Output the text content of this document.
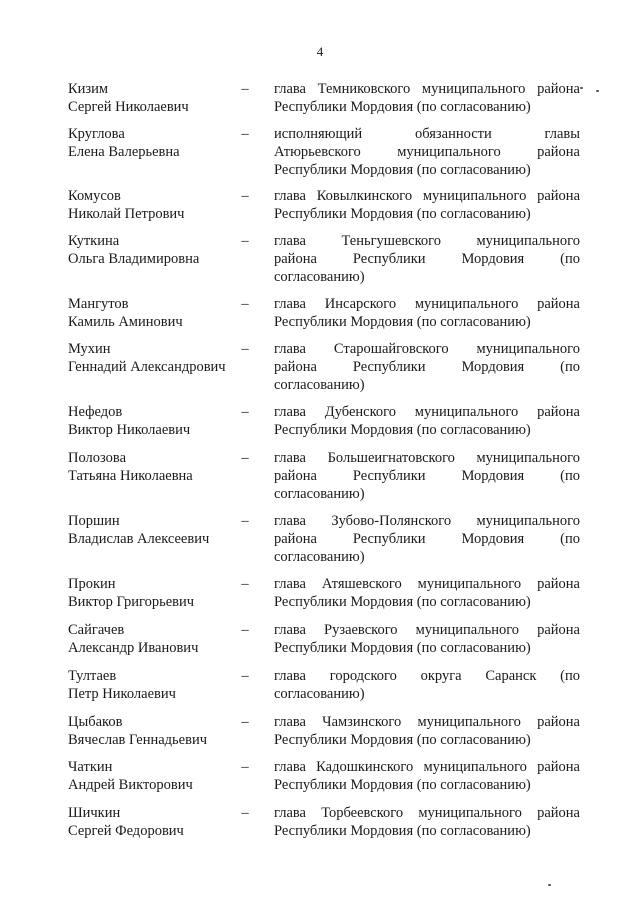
4
Кизим
Сергей Николаевич
– глава Темниковского муниципального района
Республики Мордовия (по согласованию)
Круглова
Елена Валерьевна
– исполняющий обязанности главы
Атюрьевского муниципального района
Республики Мордовия (по согласованию)
Комусов
Николай Петрович
– глава Ковылкинского муниципального района
Республики Мордовия (по согласованию)
Куткина
Ольга Владимировна
– глава Теньгушевского муниципального
района Республики Мордовия (по
согласованию)
Мангутов
Камиль Аминович
– глава Инсарского муниципального района
Республики Мордовия (по согласованию)
Мухин
Геннадий Александрович
– глава Старошайговского муниципального
района Республики Мордовия (по
согласованию)
Нефедов
Виктор Николаевич
– глава Дубенского муниципального района
Республики Мордовия (по согласованию)
Полозова
Татьяна Николаевна
– глава Большеигнатовского муниципального
района Республики Мордовия (по
согласованию)
Поршин
Владислав Алексеевич
– глава Зубово-Полянского муниципального
района Республики Мордовия (по
согласованию)
Прокин
Виктор Григорьевич
– глава Атяшевского муниципального района
Республики Мордовия (по согласованию)
Сайгачев
Александр Иванович
– глава Рузаевского муниципального района
Республики Мордовия (по согласованию)
Тултаев
Петр Николаевич
– глава городского округа Саранск (по
согласованию)
Цыбаков
Вячеслав Геннадьевич
– глава Чамзинского муниципального района
Республики Мордовия (по согласованию)
Чаткин
Андрей Викторович
– глава Кадошкинского муниципального района
Республики Мордовия (по согласованию)
Шичкин
Сергей Федорович
– глава Торбеевского муниципального района
Республики Мордовия (по согласованию)
